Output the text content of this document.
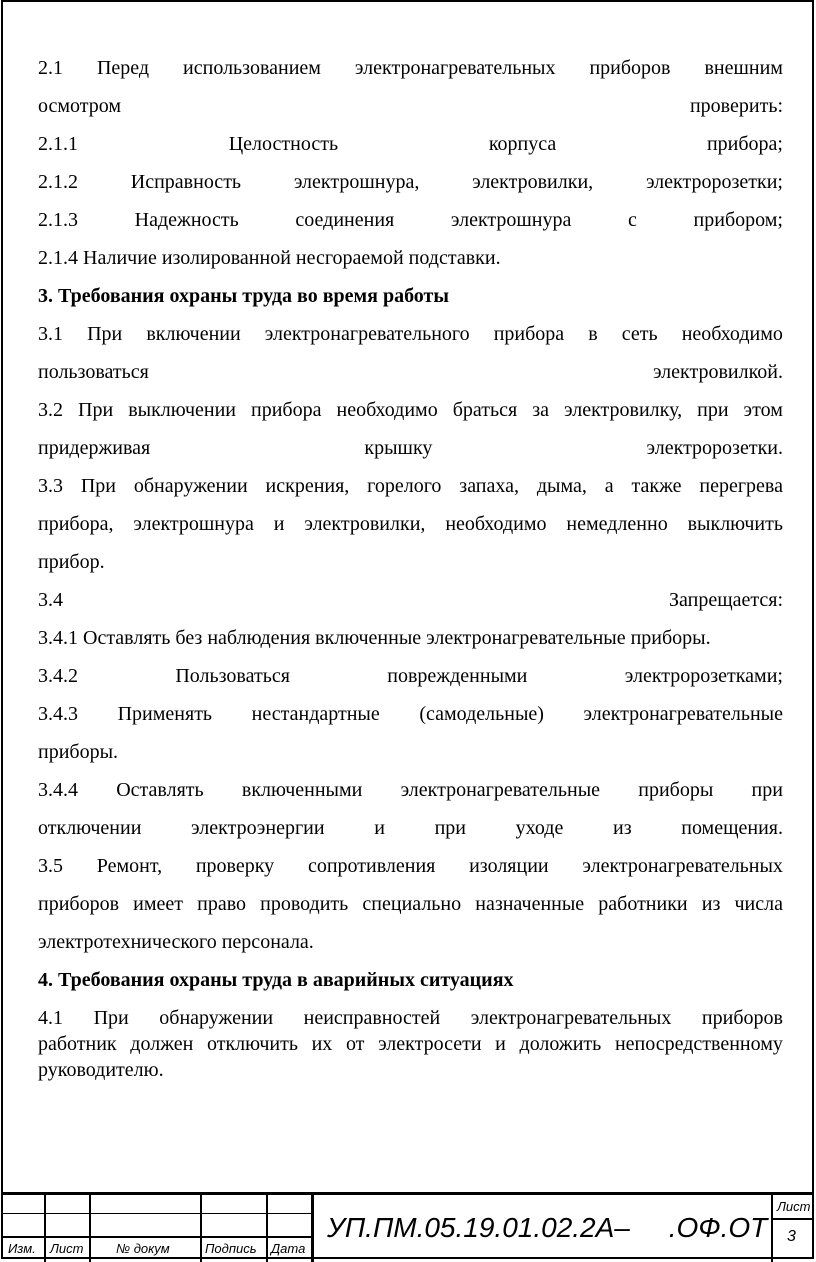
2.1 Перед использованием электронагревательных приборов внешним
осмотром	проверить:
2.1.1	Целостность	корпуса	прибора;
2.1.2	Исправность	электрошнура,	электровилки,	электророзетки;
2.1.3	Надежность	соединения	электрошнура	с	прибором;
2.1.4 Наличие изолированной несгораемой подставки.
3. Требования охраны труда во время работы
3.1 При включении электронагревательного прибора в сеть необходимо
пользоваться	электровилкой.
3.2 При выключении прибора необходимо браться за электровилку, при этом
придерживая	крышку	электророзетки.
3.3 При обнаружении искрения, горелого запаха, дыма, а также перегрева
прибора, электрошнура и электровилки, необходимо немедленно выключить
прибор.
3.4	Запрещается:
3.4.1 Оставлять без наблюдения включенные электронагревательные приборы.
3.4.2	Пользоваться	поврежденными	электророзетками;
3.4.3 Применять нестандартные (самодельные) электронагревательные
приборы.
3.4.4 Оставлять включенными электронагревательные приборы при
отключении электроэнергии и при уходе из помещения.
3.5 Ремонт, проверку сопротивления изоляции электронагревательных
приборов имеет право проводить специально назначенные работники из числа
электротехнического персонала.
4. Требования охраны труда в аварийных ситуациях
4.1 При обнаружении неисправностей электронагревательных приборов
работник должен отключить их от электросети и доложить непосредственному
руководителю.
Изм. Лист	№ докум	Подпись Дата
УП.ПМ.05.19.01.02.2А–     .ОФ.ОТ
Лист
3
